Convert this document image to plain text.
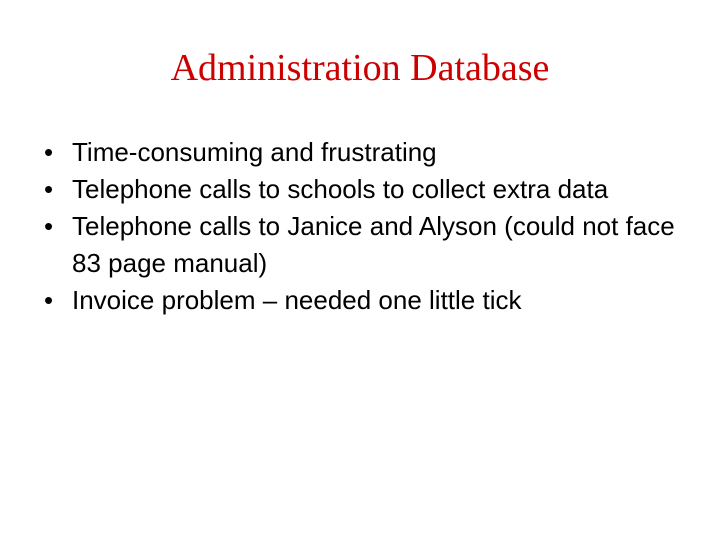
Administration Database
• Time-consuming and frustrating
• Telephone calls to schools to collect extra data
• Telephone calls to Janice and Alyson (could not face 83 page manual)
• Invoice problem – needed one little tick
